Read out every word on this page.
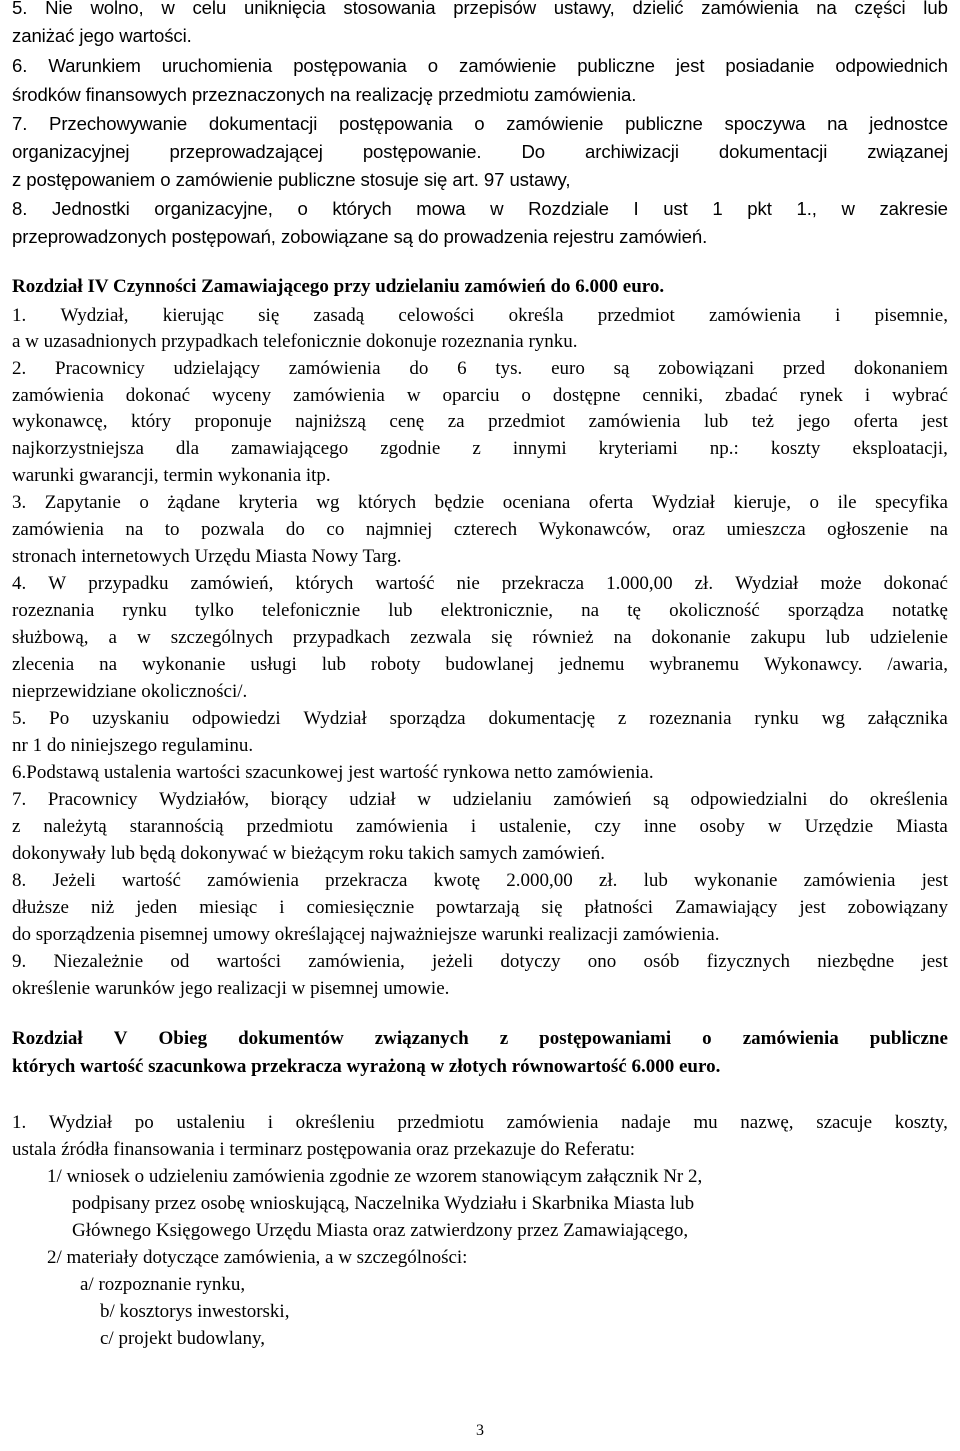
5. Nie wolno, w celu uniknięcia stosowania przepisów ustawy, dzielić zamówienia na części lub
zaniżać jego wartości.
6. Warunkiem uruchomienia postępowania o zamówienie publiczne jest posiadanie odpowiednich
środków finansowych przeznaczonych na realizację przedmiotu zamówienia.
7. Przechowywanie dokumentacji postępowania o zamówienie publiczne spoczywa na jednostce
organizacyjnej przeprowadzającej postępowanie. Do archiwizacji dokumentacji związanej
z postępowaniem o zamówienie publiczne stosuje się art. 97 ustawy,
8. Jednostki organizacyjne, o których mowa w Rozdziale I ust 1 pkt 1., w zakresie
przeprowadzonych postępowań, zobowiązane są do prowadzenia rejestru zamówień.
Rozdział IV Czynności Zamawiającego przy udzielaniu zamówień do 6.000 euro.
1. Wydział, kierując się zasadą celowości określa przedmiot zamówienia i pisemnie,
a w uzasadnionych przypadkach telefonicznie dokonuje rozeznania rynku.
2. Pracownicy udzielający zamówienia do 6 tys. euro są zobowiązani przed dokonaniem
zamówienia dokonać wyceny zamówienia w oparciu o dostępne cenniki, zbadać rynek i wybrać
wykonawcę, który proponuje najniższą cenę za przedmiot zamówienia lub też jego oferta jest
najkorzystniejsza dla zamawiającego zgodnie z innymi kryteriami np.: koszty eksploatacji,
warunki gwarancji, termin wykonania itp.
3. Zapytanie o żądane kryteria wg których będzie oceniana oferta Wydział kieruje, o ile specyfika
zamówienia na to pozwala do co najmniej czterech Wykonawców, oraz umieszcza ogłoszenie na
stronach internetowych Urzędu Miasta Nowy Targ.
4. W przypadku zamówień, których wartość nie przekracza 1.000,00 zł. Wydział może dokonać
rozeznania rynku tylko telefonicznie lub elektronicznie, na tę okoliczność sporządza notatkę
służbową, a w szczególnych przypadkach zezwala się również na dokonanie zakupu lub udzielenie
zlecenia na wykonanie usługi lub roboty budowlanej jednemu wybranemu Wykonawcy. /awaria,
nieprzewidziane okoliczności/.
5. Po uzyskaniu odpowiedzi Wydział sporządza dokumentację z rozeznania rynku wg załącznika
nr 1 do niniejszego regulaminu.
6.Podstawą ustalenia wartości szacunkowej jest wartość rynkowa netto zamówienia.
7. Pracownicy Wydziałów, biorący udział w udzielaniu zamówień są odpowiedzialni do określenia
z należytą starannością przedmiotu zamówienia i ustalenie, czy inne osoby w Urzędzie Miasta
dokonywały lub będą dokonywać w bieżącym roku takich samych zamówień.
8. Jeżeli wartość zamówienia przekracza kwotę 2.000,00 zł. lub wykonanie zamówienia jest
dłuższe niż jeden miesiąc i comiesięcznie powtarzają się płatności Zamawiający jest zobowiązany
do sporządzenia pisemnej umowy określającej najważniejsze warunki realizacji zamówienia.
9. Niezależnie od wartości zamówienia, jeżeli dotyczy ono osób fizycznych niezbędne jest
określenie warunków jego realizacji w pisemnej umowie.
Rozdział V Obieg dokumentów związanych z postępowaniami o zamówienia publiczne
których wartość szacunkowa przekracza wyrażoną w złotych równowartość 6.000 euro.
1. Wydział po ustaleniu i określeniu przedmiotu zamówienia nadaje mu nazwę, szacuje koszty,
ustala źródła finansowania i terminarz postępowania oraz przekazuje do Referatu:
1/ wniosek o udzieleniu zamówienia zgodnie ze wzorem stanowiącym załącznik Nr 2,
podpisany przez osobę wnioskującą, Naczelnika Wydziału i Skarbnika Miasta lub
Głównego Księgowego Urzędu Miasta oraz zatwierdzony przez Zamawiającego,
2/ materiały dotyczące zamówienia, a w szczególności:
a/ rozpoznanie rynku,
b/ kosztorys inwestorski,
c/ projekt budowlany,
3
